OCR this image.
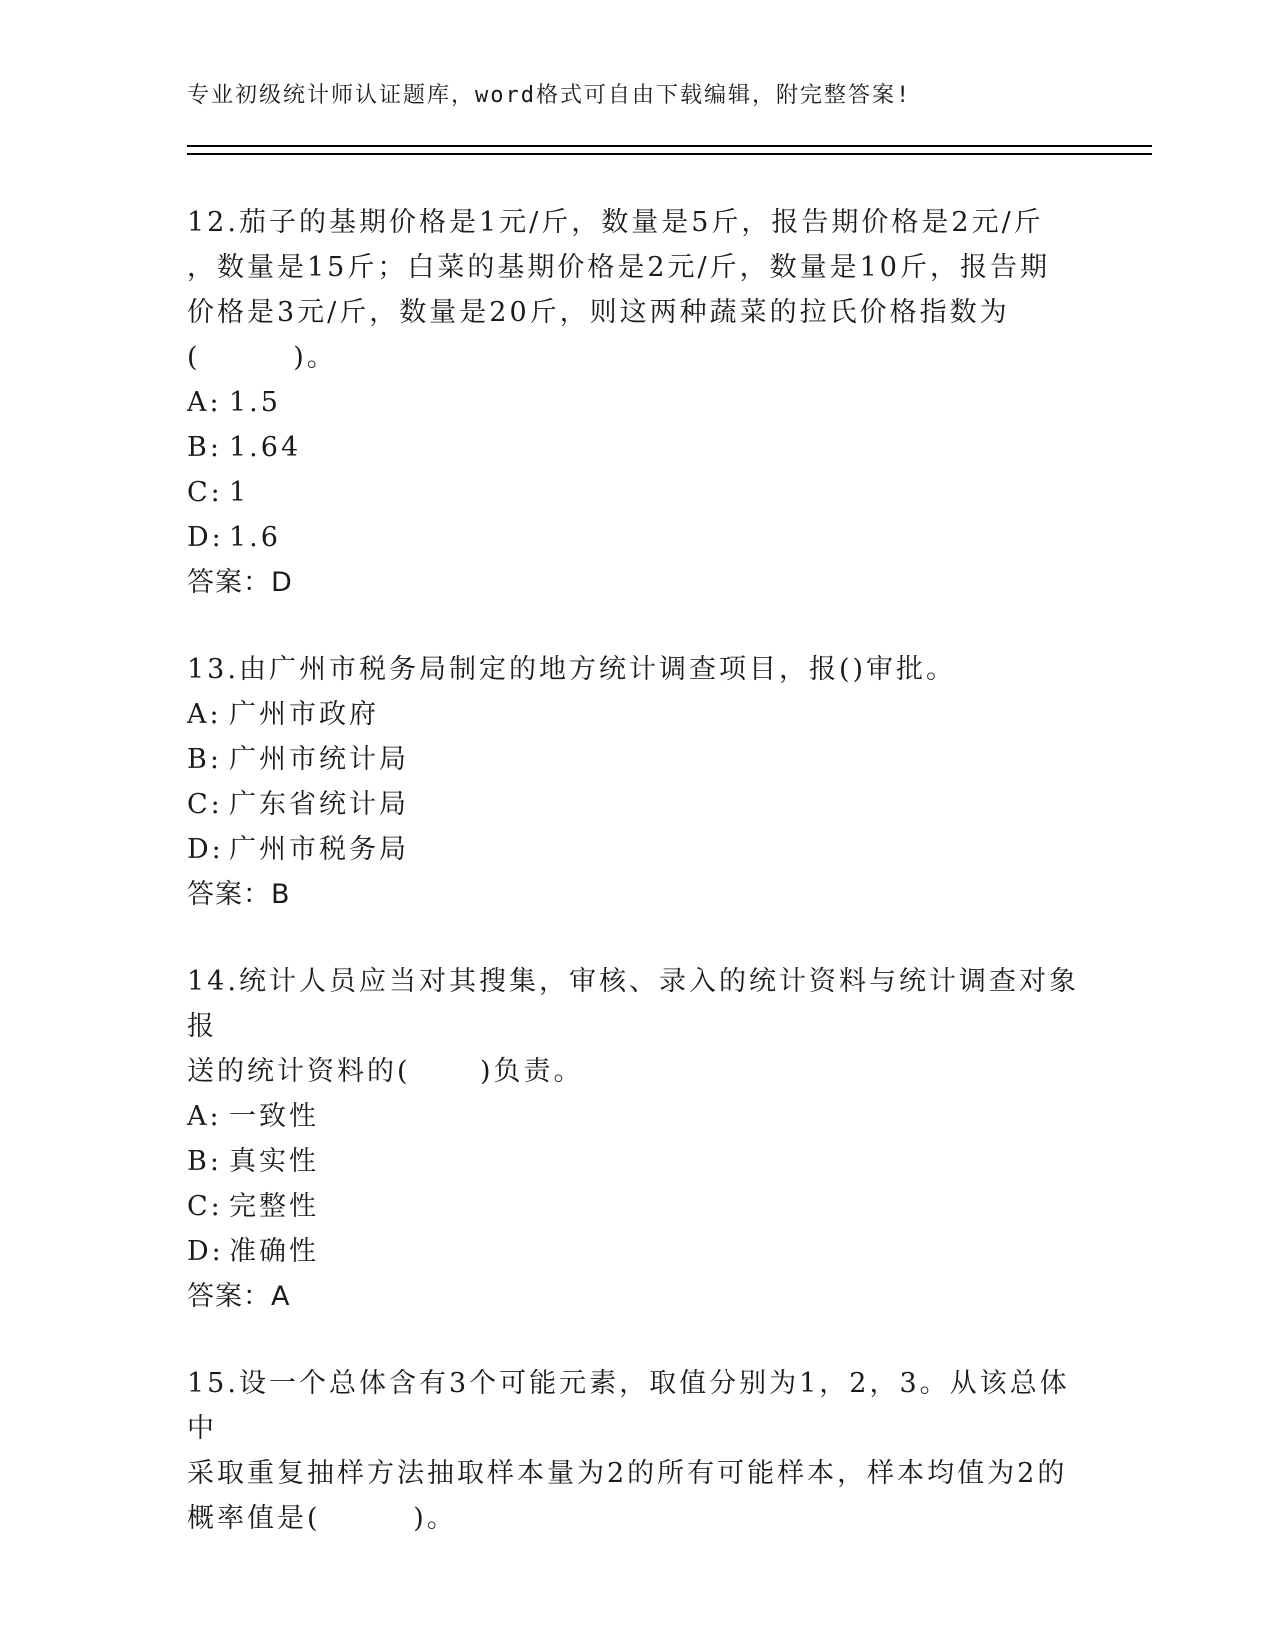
专业初级统计师认证题库，word格式可自由下载编辑，附完整答案!
12.茄子的基期价格是1元/斤，数量是5斤，报告期价格是2元/斤
，数量是15斤；白菜的基期价格是2元/斤，数量是10斤，报告期
价格是3元/斤，数量是20斤，则这两种蔬菜的拉氏价格指数为
(        )。
A: 1.5
B: 1.64
C: 1
D: 1.6
答案：D
13.由广州市税务局制定的地方统计调查项目，报()审批。
A: 广州市政府
B: 广州市统计局
C: 广东省统计局
D: 广州市税务局
答案：B
14.统计人员应当对其搜集，审核、录入的统计资料与统计调查对象报
送的统计资料的(      )负责。
A: 一致性
B: 真实性
C: 完整性
D: 准确性
答案：A
15.设一个总体含有3个可能元素，取值分别为1，2，3。从该总体中
采取重复抽样方法抽取样本量为2的所有可能样本，样本均值为2的
概率值是(        )。
